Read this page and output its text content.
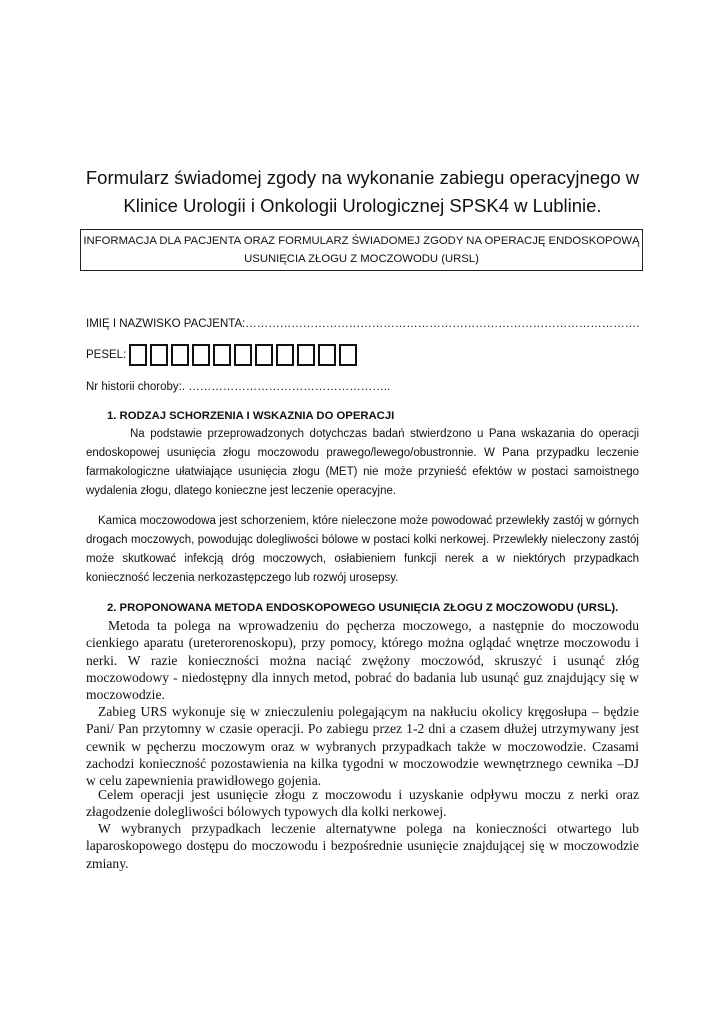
Formularz świadomej zgody na wykonanie zabiegu operacyjnego w Klinice Urologii i Onkologii Urologicznej SPSK4 w Lublinie.
INFORMACJA DLA PACJENTA ORAZ FORMULARZ ŚWIADOMEJ ZGODY NA OPERACJĘ ENDOSKOPOWĄ USUNIĘCIA ZŁOGU Z MOCZOWODU (URSL)
IMIĘ I NAZWISKO PACJENTA:………………………………………………………………………………………….
PESEL:
Nr historii choroby:. ……………………………………………..
1. RODZAJ SCHORZENIA I WSKAZNIA DO OPERACJI

Na podstawie przeprowadzonych dotychczas badań stwierdzono u Pana wskazania do operacji endoskopowej usunięcia złogu moczowodu prawego/lewego/obustronnie. W Pana przypadku leczenie farmakologiczne ułatwiające usunięcia złogu (MET) nie może przynieść efektów w postaci samoistnego wydalenia złogu, dlatego konieczne jest leczenie operacyjne.

Kamica moczowodowa jest schorzeniem, które nieleczone może powodować przewlekły zastój w górnych drogach moczowych, powodując dolegliwości bólowe w postaci kolki nerkowej. Przewlekły nieleczony zastój może skutkować infekcją dróg moczowych, osłabieniem funkcji nerek a w niektórych przypadkach konieczność leczenia nerkozastępczego lub rozwój urosepsy.

2. PROPONOWANA METODA ENDOSKOPOWEGO USUNIĘCIA ZŁOGU Z MOCZOWODU (URSL).

Metoda ta polega na wprowadzeniu do pęcherza moczowego, a następnie do moczowodu cienkiego aparatu (ureterorenoskopu), przy pomocy, którego można oglądać wnętrze moczowodu i nerki. W razie konieczności można naciąć zwężony moczowód, skruszyć i usunąć złóg moczowodowy - niedostępny dla innych metod, pobrać do badania lub usunąć guz znajdujący się w moczowodzie.

Zabieg URS wykonuje się w znieczuleniu polegającym na nakłuciu okolicy kręgosłupa – będzie Pani/ Pan przytomny w czasie operacji. Po zabiegu przez 1-2 dni a czasem dłużej utrzymywany jest cewnik w pęcherzu moczowym oraz w wybranych przypadkach także w moczowodzie. Czasami zachodzi konieczność pozostawienia na kilka tygodni w moczowodzie wewnętrznego cewnika –DJ w celu zapewnienia prawidłowego gojenia.

Celem operacji jest usunięcie złogu z moczowodu i uzyskanie odpływu moczu z nerki oraz złagodzenie dolegliwości bólowych typowych dla kolki nerkowej.

W wybranych przypadkach leczenie alternatywne polega na konieczności otwartego lub laparoskopowego dostępu do moczowodu i bezpośrednie usunięcie znajdującej się w moczowodzie zmiany.
